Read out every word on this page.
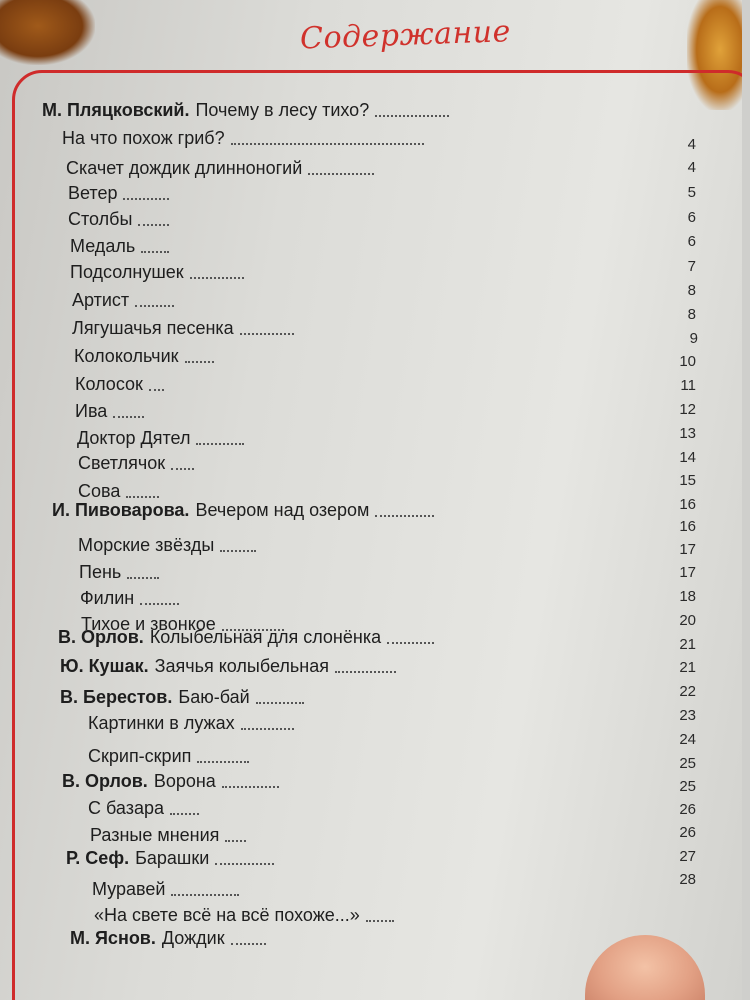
Содержание
М. Пляцковский. Почему в лесу тихо?
На что похож гриб?
Скачет дождик длинноногий
Ветер
Столбы
Медаль
Подсолнушек
Артист
Лягушачья песенка
Колокольчик
Колосок
Ива
Доктор Дятел
Светлячок
Сова
И. Пивоварова. Вечером над озером
Морские звёзды
Пень
Филин
Тихое и звонкое
В. Орлов. Колыбельная для слонёнка
Ю. Кушак. Заячья колыбельная
В. Берестов. Баю-бай
Картинки в лужах
Скрип-скрип
В. Орлов. Ворона
С базара
Разные мнения
Р. Сеф. Барашки
Муравей
«На свете всё на всё похоже...»
М. Яснов. Дождик
4
4
5
6
6
7
8
8
9
10
11
12
13
14
15
16
16
17
17
18
20
21
21
22
23
24
25
25
26
26
27
28
